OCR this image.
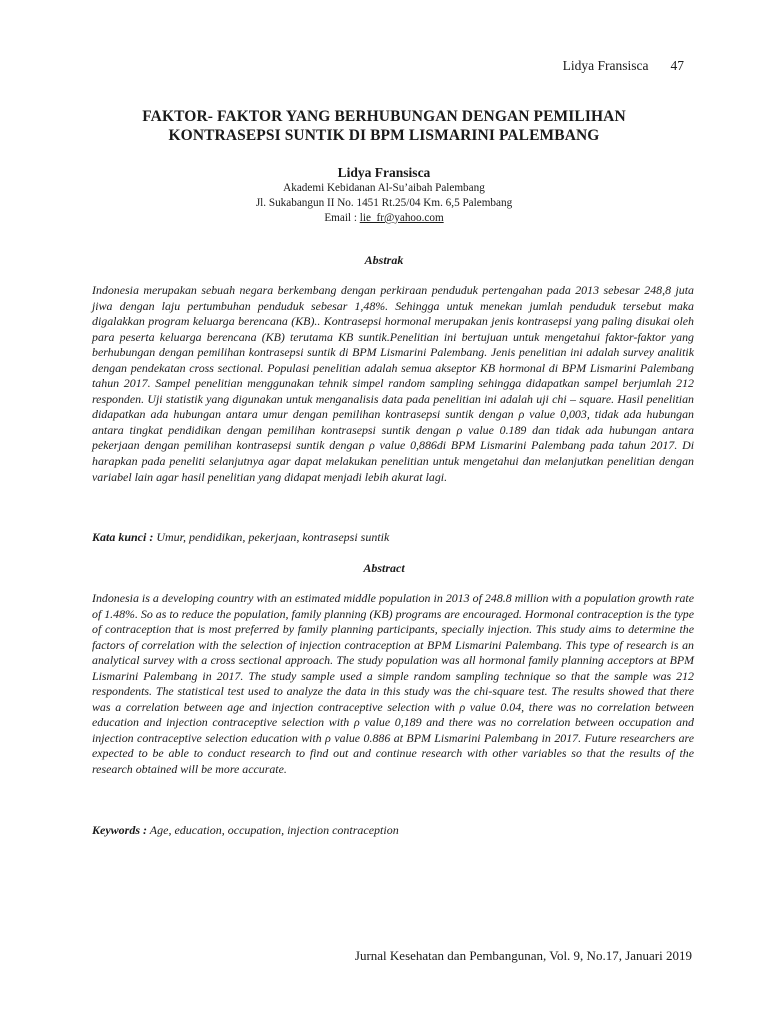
Lidya Fransisca 47
FAKTOR- FAKTOR YANG BERHUBUNGAN DENGAN PEMILIHAN
KONTRASEPSI SUNTIK DI BPM LISMARINI PALEMBANG
Lidya Fransisca
Akademi Kebidanan Al-Su’aibah Palembang
Jl. Sukabangun II No. 1451 Rt.25/04 Km. 6,5 Palembang
Email : lie_fr@yahoo.com
Abstrak
Indonesia merupakan sebuah negara berkembang dengan perkiraan penduduk pertengahan pada 2013 sebesar 248,8 juta jiwa dengan laju pertumbuhan penduduk sebesar 1,48%. Sehingga untuk menekan jumlah penduduk tersebut maka digalakkan program keluarga berencana (KB).. Kontrasepsi hormonal merupakan jenis kontrasepsi yang paling disukai oleh para peserta keluarga berencana (KB) terutama KB suntik.Penelitian ini bertujuan untuk mengetahui faktor-faktor yang berhubungan dengan pemilihan kontrasepsi suntik di BPM Lismarini Palembang. Jenis penelitian ini adalah survey analitik dengan pendekatan cross sectional. Populasi penelitian adalah semua akseptor KB hormonal di BPM Lismarini Palembang tahun 2017. Sampel penelitian menggunakan tehnik simpel random sampling sehingga didapatkan sampel berjumlah 212 responden. Uji statistik yang digunakan untuk menganalisis data pada penelitian ini adalah uji chi – square. Hasil penelitian didapatkan ada hubungan antara umur dengan pemilihan kontrasepsi suntik dengan ρ value 0,003, tidak ada hubungan antara tingkat pendidikan dengan pemilihan kontrasepsi suntik dengan ρ value 0.189 dan tidak ada hubungan antara pekerjaan dengan pemilihan kontrasepsi suntik dengan ρ value 0,886di BPM Lismarini Palembang pada tahun 2017. Di harapkan pada peneliti selanjutnya agar dapat melakukan penelitian untuk mengetahui dan melanjutkan penelitian dengan variabel lain agar hasil penelitian yang didapat menjadi lebih akurat lagi.
Kata kunci : Umur, pendidikan, pekerjaan, kontrasepsi suntik
Abstract
Indonesia is a developing country with an estimated middle population in 2013 of 248.8 million with a population growth rate of 1.48%. So as to reduce the population, family planning (KB) programs are encouraged. Hormonal contraception is the type of contraception that is most preferred by family planning participants, specially injection. This study aims to determine the factors of correlation with the selection of injection contraception at BPM Lismarini Palembang. This type of research is an analytical survey with a cross sectional approach. The study population was all hormonal family planning acceptors at BPM Lismarini Palembang in 2017. The study sample used a simple random sampling technique so that the sample was 212 respondents. The statistical test used to analyze the data in this study was the chi-square test. The results showed that there was a correlation between age and injection contraceptive selection with ρ value 0.04, there was no correlation between education and injection contraceptive selection with ρ value 0,189 and there was no correlation between occupation and injection contraceptive selection education with ρ value 0.886 at BPM Lismarini Palembang in 2017. Future researchers are expected to be able to conduct research to find out and continue research with other variables so that the results of the research obtained will be more accurate.
Keywords : Age, education, occupation, injection contraception
Jurnal Kesehatan dan Pembangunan, Vol. 9, No.17, Januari 2019
